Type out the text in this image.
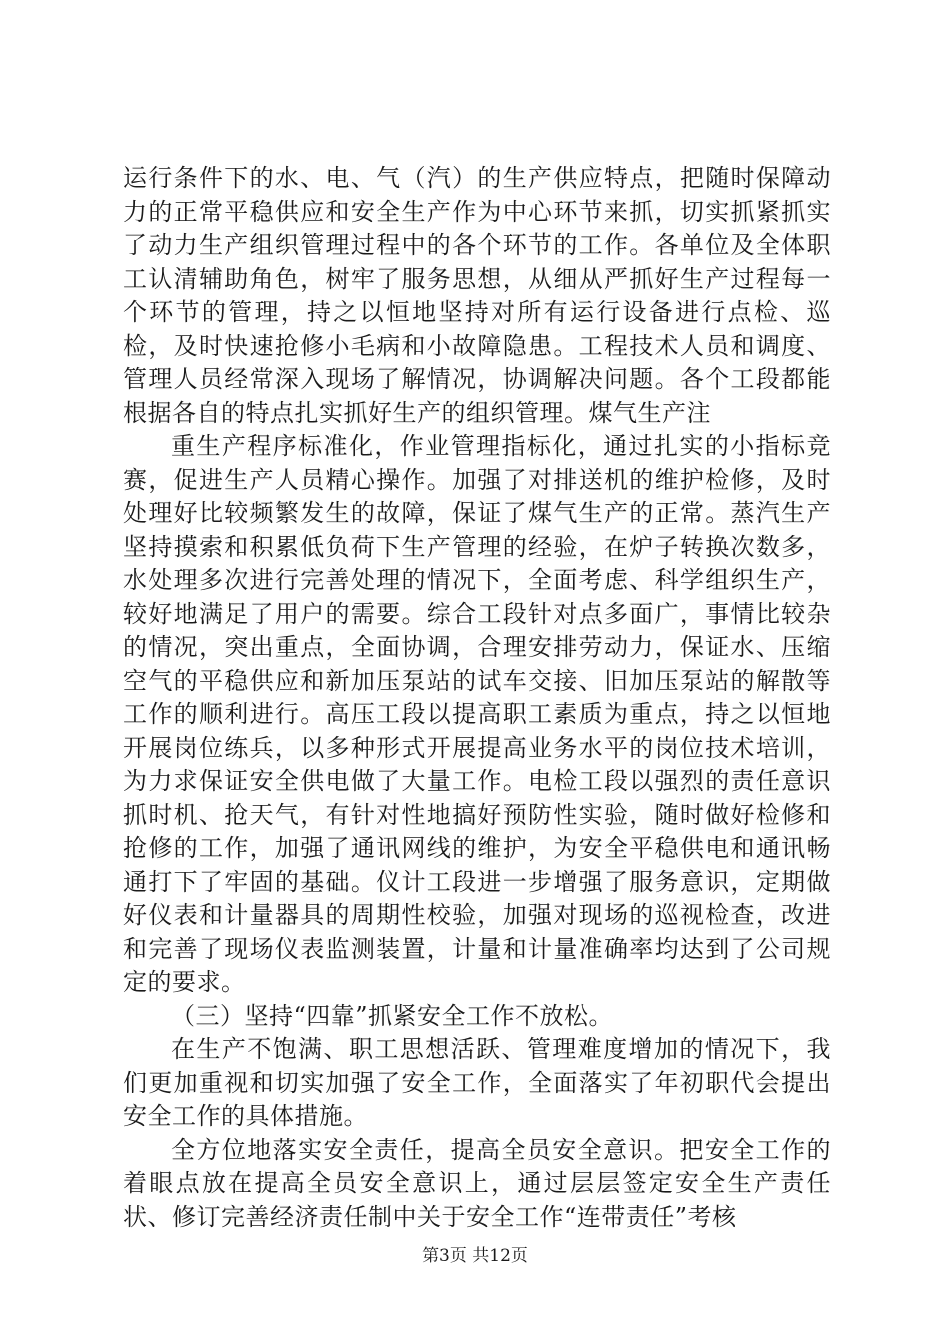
运行条件下的水、电、气（汽）的生产供应特点，把随时保障动力的正常平稳供应和安全生产作为中心环节来抓，切实抓紧抓实了动力生产组织管理过程中的各个环节的工作。各单位及全体职工认清辅助角色，树牢了服务思想，从细从严抓好生产过程每一个环节的管理，持之以恒地坚持对所有运行设备进行点检、巡检，及时快速抢修小毛病和小故障隐患。工程技术人员和调度、管理人员经常深入现场了解情况，协调解决问题。各个工段都能根据各自的特点扎实抓好生产的组织管理。煤气生产注

重生产程序标准化，作业管理指标化，通过扎实的小指标竞赛，促进生产人员精心操作。加强了对排送机的维护检修，及时处理好比较频繁发生的故障，保证了煤气生产的正常。蒸汽生产坚持摸索和积累低负荷下生产管理的经验，在炉子转换次数多，水处理多次进行完善处理的情况下，全面考虑、科学组织生产，较好地满足了用户的需要。综合工段针对点多面广，事情比较杂的情况，突出重点，全面协调，合理安排劳动力，保证水、压缩空气的平稳供应和新加压泵站的试车交接、旧加压泵站的解散等工作的顺利进行。高压工段以提高职工素质为重点，持之以恒地开展岗位练兵，以多种形式开展提高业务水平的岗位技术培训，为力求保证安全供电做了大量工作。电检工段以强烈的责任意识抓时机、抢天气，有针对性地搞好预防性实验，随时做好检修和抢修的工作，加强了通讯网线的维护，为安全平稳供电和通讯畅通打下了牢固的基础。仪计工段进一步增强了服务意识，定期做好仪表和计量器具的周期性校验，加强对现场的巡视检查，改进和完善了现场仪表监测装置，计量和计量准确率均达到了公司规定的要求。

（三）坚持“四靠”抓紧安全工作不放松。

在生产不饱满、职工思想活跃、管理难度增加的情况下，我们更加重视和切实加强了安全工作，全面落实了年初职代会提出安全工作的具体措施。

全方位地落实安全责任，提高全员安全意识。把安全工作的着眼点放在提高全员安全意识上，通过层层签定安全生产责任状、修订完善经济责任制中关于安全工作“连带责任”考核

第3页 共12页
